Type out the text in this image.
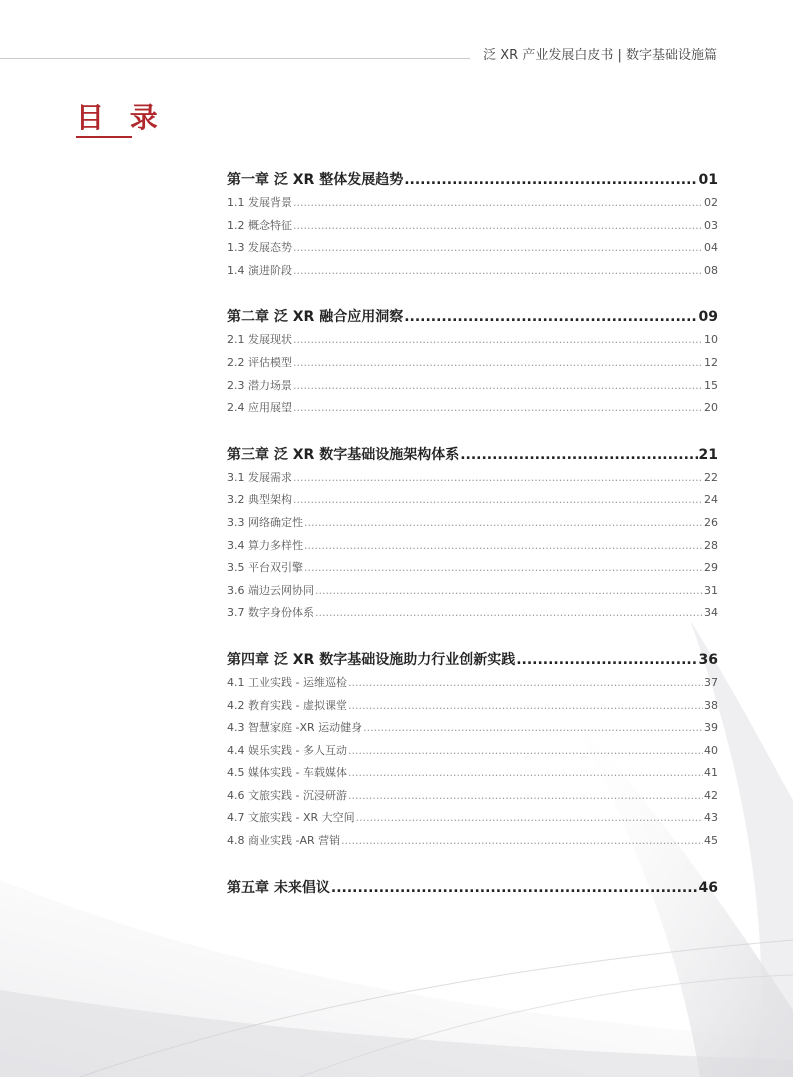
泛 XR 产业发展白皮书 | 数字基础设施篇
目 录
第一章 泛 XR 整体发展趋势 .....	01
1.1 发展背景 .....	02
1.2 概念特征 .....	03
1.3 发展态势 .....	04
1.4 演进阶段 .....	08
第二章 泛 XR 融合应用洞察 .....	09
2.1 发展现状 .....	10
2.2 评估模型 .....	12
2.3 潜力场景 .....	15
2.4 应用展望 .....	20
第三章 泛 XR 数字基础设施架构体系 .....	21
3.1 发展需求 .....	22
3.2 典型架构 .....	24
3.3 网络确定性 .....	26
3.4 算力多样性 .....	28
3.5 平台双引擎 .....	29
3.6 端边云网协同 .....	31
3.7 数字身份体系 .....	34
第四章 泛 XR 数字基础设施助力行业创新实践 .....	36
4.1 工业实践 - 运维巡检 .....	37
4.2 教育实践 - 虚拟课堂 .....	38
4.3 智慧家庭 -XR 运动健身 .....	39
4.4 娱乐实践 - 多人互动 .....	40
4.5 媒体实践 - 车载媒体 .....	41
4.6 文旅实践 - 沉浸研游 .....	42
4.7 文旅实践 - XR 大空间 .....	43
4.8 商业实践 -AR 营销 .....	45
第五章 未来倡议 .....	46
